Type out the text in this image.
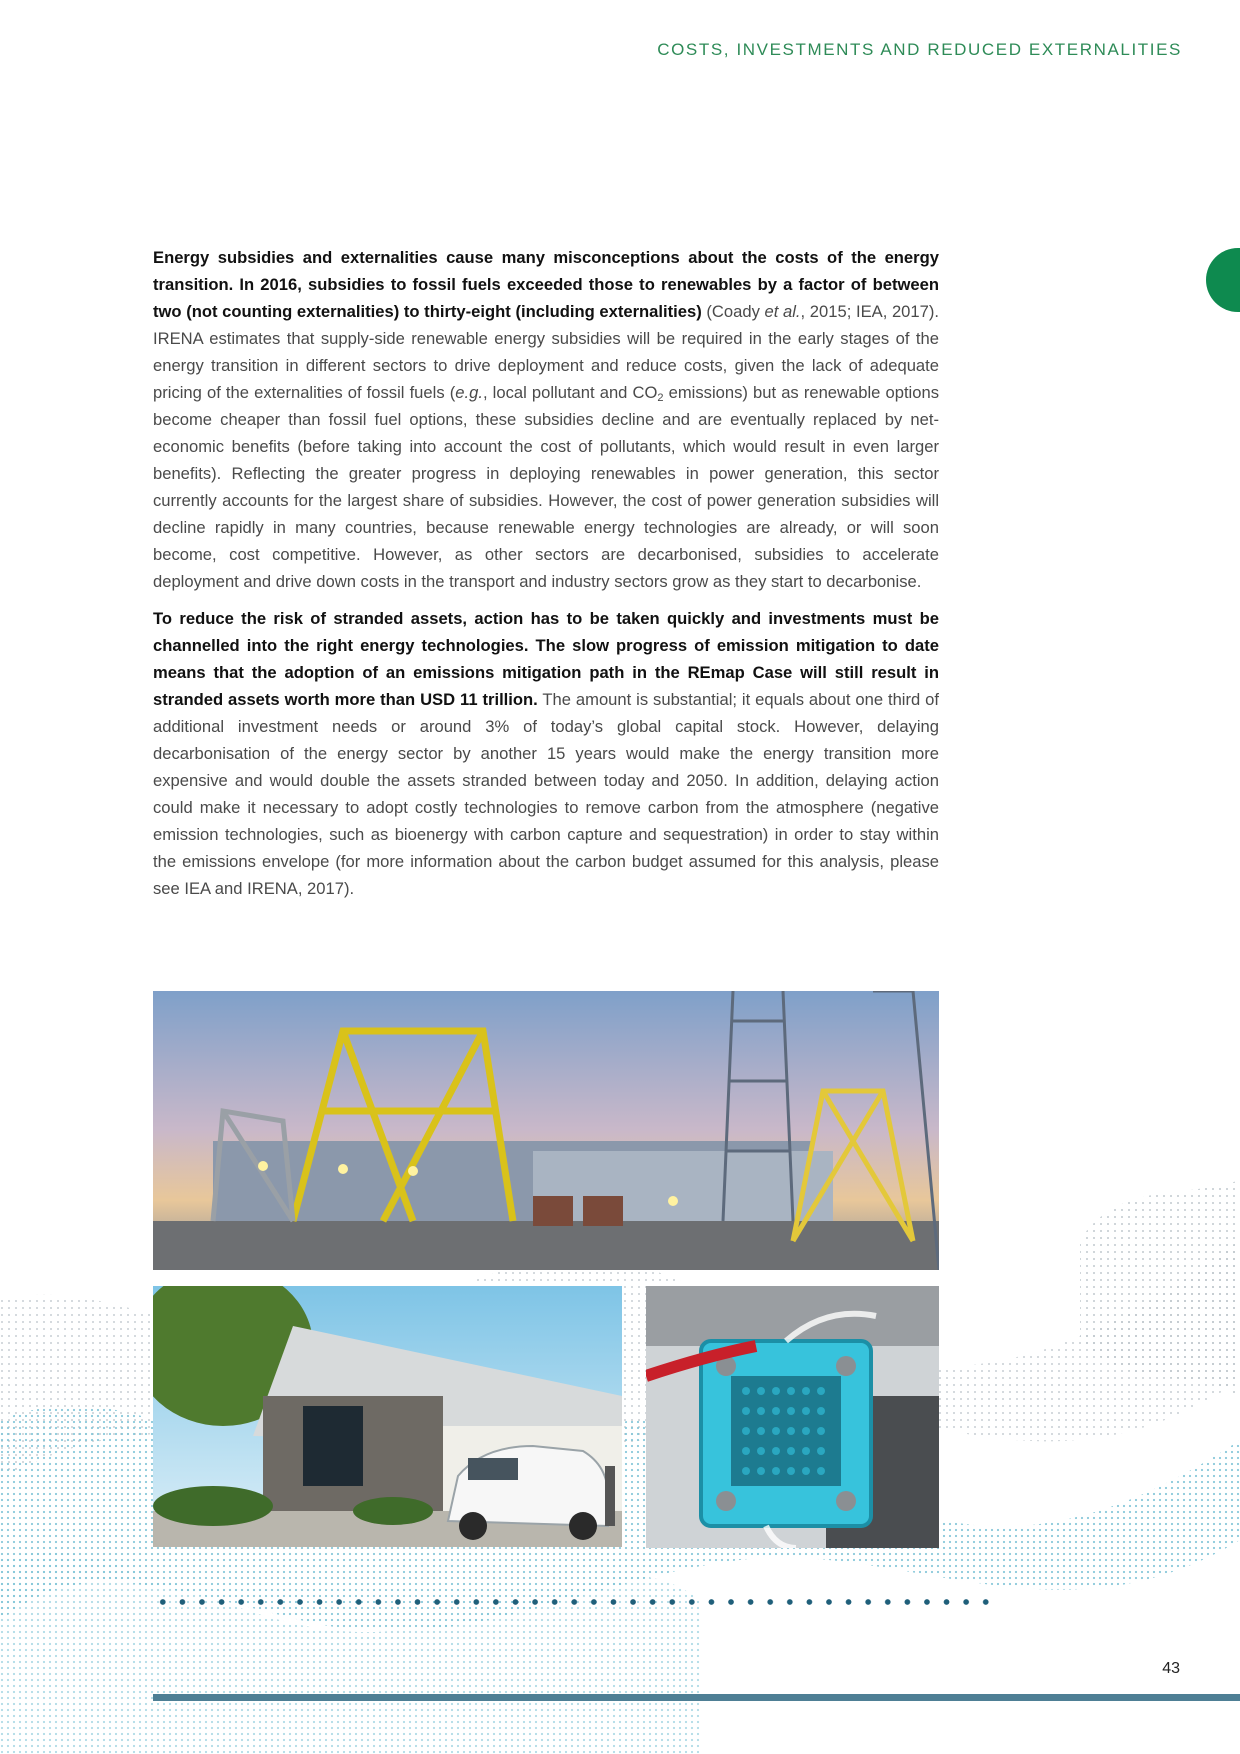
COSTS, INVESTMENTS AND REDUCED EXTERNALITIES

Energy subsidies and externalities cause many misconceptions about the costs of the energy transition. In 2016, subsidies to fossil fuels exceeded those to renewables by a factor of between two (not counting externalities) to thirty-eight (including externalities) (Coady et al., 2015; IEA, 2017). IRENA estimates that supply-side renewable energy subsidies will be required in the early stages of the energy transition in different sectors to drive deployment and reduce costs, given the lack of adequate pricing of the externalities of fossil fuels (e.g., local pollutant and $CO_2$ emissions) but as renewable options become cheaper than fossil fuel options, these subsidies decline and are eventually replaced by net-economic benefits (before taking into account the cost of pollutants, which would result in even larger benefits). Reflecting the greater progress in deploying renewables in power generation, this sector currently accounts for the largest share of subsidies. However, the cost of power generation subsidies will decline rapidly in many countries, because renewable energy technologies are already, or will soon become, cost competitive. However, as other sectors are decarbonised, subsidies to accelerate deployment and drive down costs in the transport and industry sectors grow as they start to decarbonise.

To reduce the risk of stranded assets, action has to be taken quickly and investments must be channelled into the right energy technologies. The slow progress of emission mitigation to date means that the adoption of an emissions mitigation path in the REmap Case will still result in stranded assets worth more than USD 11 trillion. The amount is substantial; it equals about one third of additional investment needs or around 3% of today’s global capital stock. However, delaying decarbonisation of the energy sector by another 15 years would make the energy transition more expensive and would double the assets stranded between today and 2050. In addition, delaying action could make it necessary to adopt costly technologies to remove carbon from the atmosphere (negative emission technologies, such as bioenergy with carbon capture and sequestration) in order to stay within the emissions envelope (for more information about the carbon budget assumed for this analysis, please see IEA and IRENA, 2017).

43
